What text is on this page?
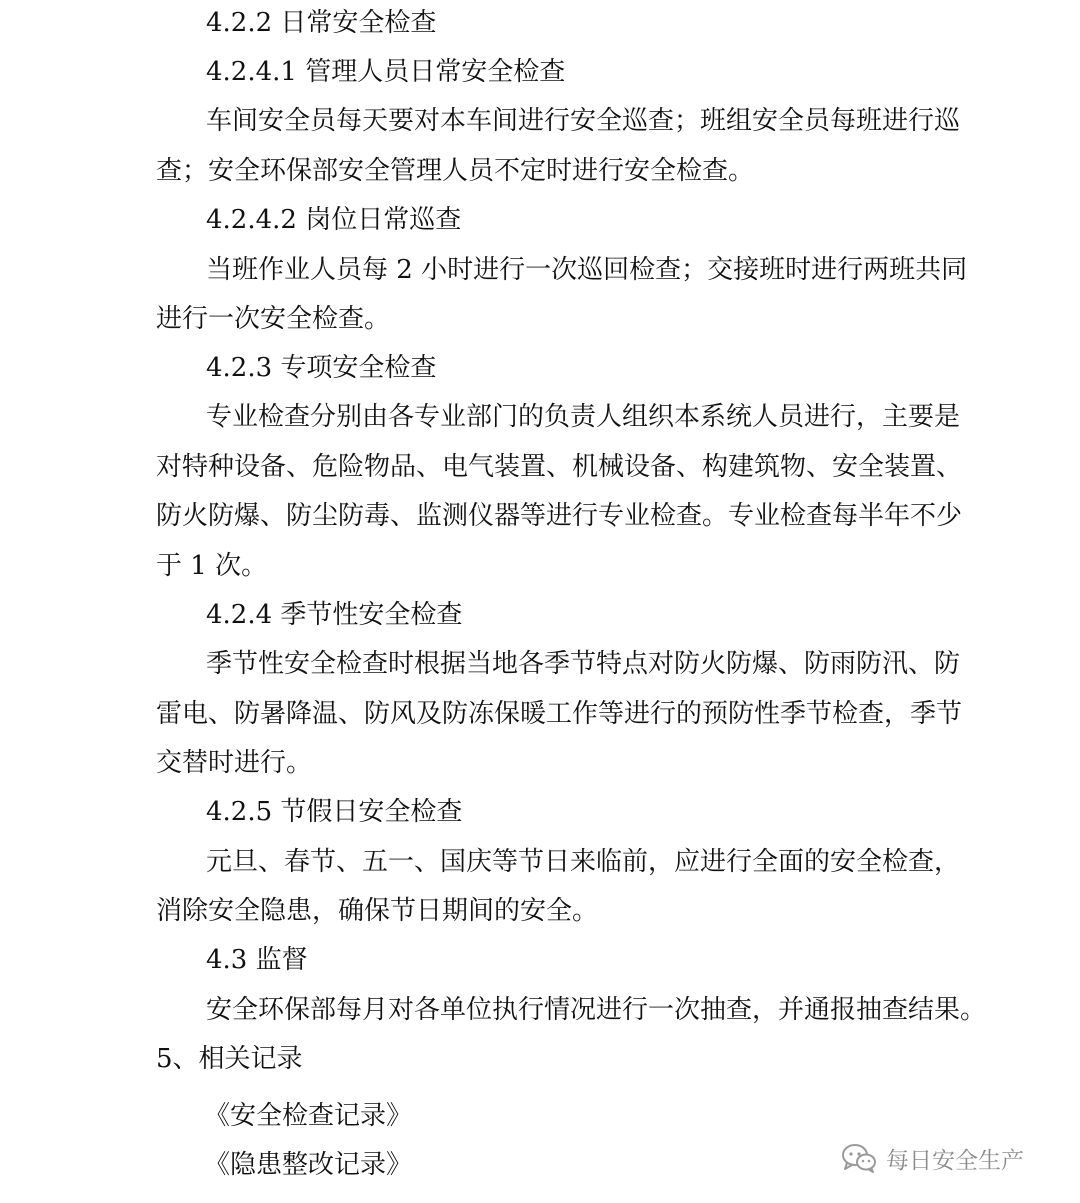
4.2.2 日常安全检查
4.2.4.1 管理人员日常安全检查
车间安全员每天要对本车间进行安全巡查；班组安全员每班进行巡
查；安全环保部安全管理人员不定时进行安全检查。
4.2.4.2 岗位日常巡查
当班作业人员每 2 小时进行一次巡回检查；交接班时进行两班共同
进行一次安全检查。
4.2.3 专项安全检查
专业检查分别由各专业部门的负责人组织本系统人员进行，主要是
对特种设备、危险物品、电气装置、机械设备、构建筑物、安全装置、
防火防爆、防尘防毒、监测仪器等进行专业检查。专业检查每半年不少
于 1 次。
4.2.4 季节性安全检查
季节性安全检查时根据当地各季节特点对防火防爆、防雨防汛、防
雷电、防暑降温、防风及防冻保暖工作等进行的预防性季节检查，季节
交替时进行。
4.2.5 节假日安全检查
元旦、春节、五一、国庆等节日来临前，应进行全面的安全检查，
消除安全隐患，确保节日期间的安全。
4.3 监督
安全环保部每月对各单位执行情况进行一次抽查，并通报抽查结果。
5、相关记录
《安全检查记录》
《隐患整改记录》	每日安全生产
